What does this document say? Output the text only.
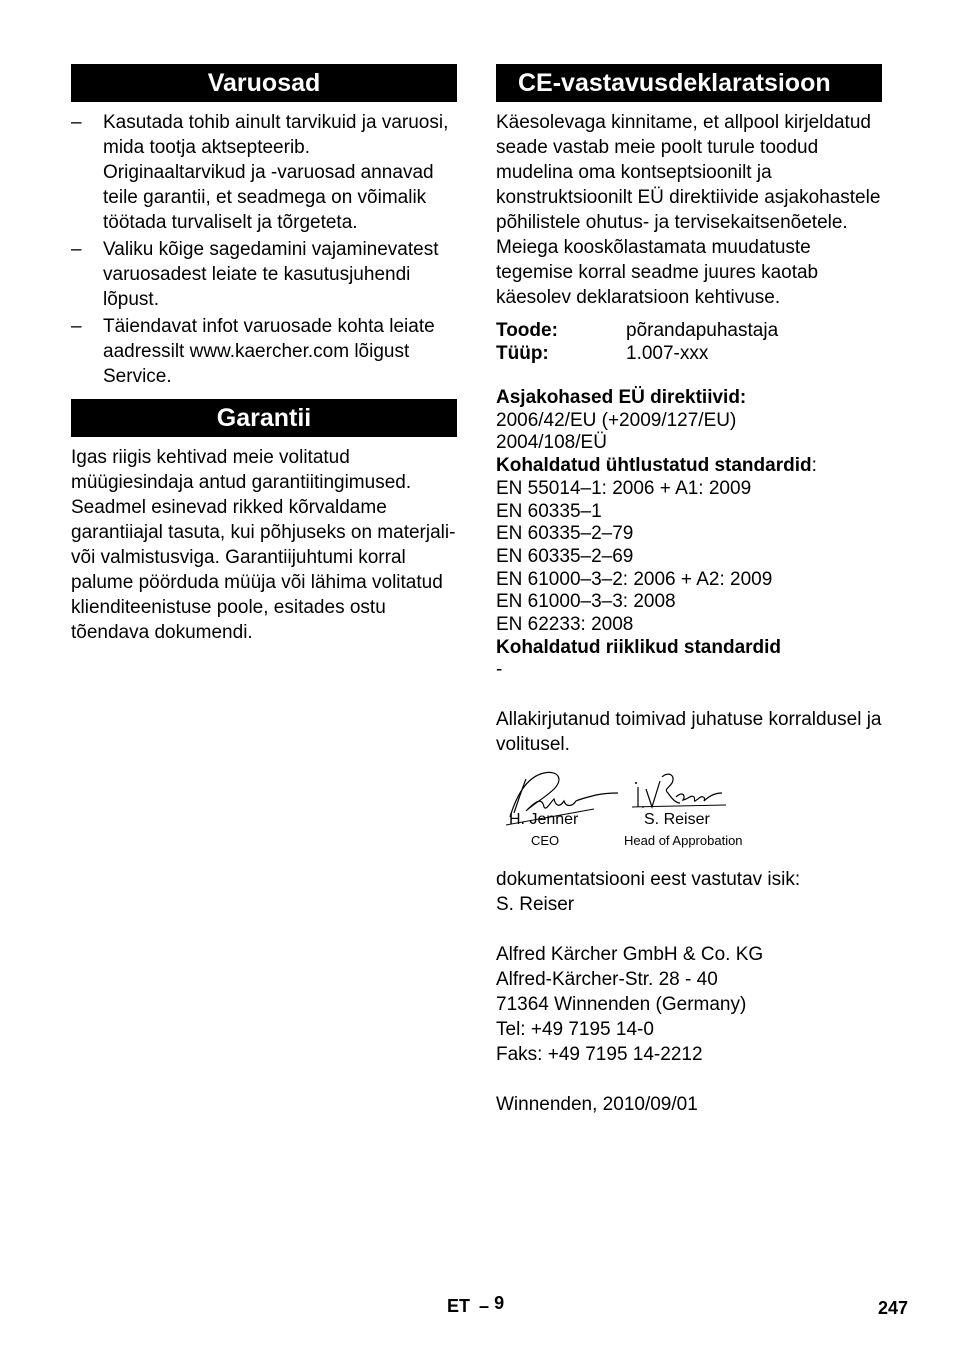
Varuosad
– Kasutada tohib ainult tarvikuid ja varuosi, mida tootja aktsepteerib. Originaaltarvikud ja -varuosad annavad teile garantii, et seadmega on võimalik töötada turvaliselt ja tõrgeteta.
– Valiku kõige sagedamini vajaminevatest varuosadest leiate te kasutusjuhendi lõpust.
– Täiendavat infot varuosade kohta leiate aadressilt www.kaercher.com lõigust Service.
Garantii

Igas riigis kehtivad meie volitatud müügiesindaja antud garantiitingimused. Seadmel esinevad rikked kõrvaldame garantiiajal tasuta, kui põhjuseks on materjali- või valmistusviga. Garantiijuhtumi korral palume pöörduda müüja või lähima volitatud klienditeenistuse poole, esitades ostu tõendava dokumendi.

CE-vastavusdeklaratsioon

Käesolevaga kinnitame, et allpool kirjeldatud seade vastab meie poolt turule toodud mudelina oma kontseptsioonilt ja konstruktsioonilt EÜ direktiivide asjakohastele põhilistele ohutus- ja tervisekaitsenõetele. Meiega kooskõlastamata muudatuste tegemise korral seadme juures kaotab käesolev deklaratsioon kehtivuse.

Toode:	põrandapuhastaja
Tüüp:	1.007-xxx

Asjakohased EÜ direktiivid:

2006/42/EU (+2009/127/EU)

2004/108/EÜ

Kohaldatud ühtlustatud standardid:

EN 55014–1: 2006 + A1: 2009

EN 60335–1

EN 60335–2–79

EN 60335–2–69

EN 61000–3–2: 2006 + A2: 2009

EN 61000–3–3: 2008

EN 62233: 2008

Kohaldatud riiklikud standardid

-

Allakirjutanud toimivad juhatuse korraldusel ja volitusel.

H. Jenner
CEO
S. Reiser
Head of Approbation

dokumentatsiooni eest vastutav isik:

S. Reiser

Alfred Kärcher GmbH & Co. KG

Alfred-Kärcher-Str. 28 - 40

71364 Winnenden (Germany)

Tel: +49 7195 14-0

Faks: +49 7195 14-2212

Winnenden, 2010/09/01

ET – 9	247
